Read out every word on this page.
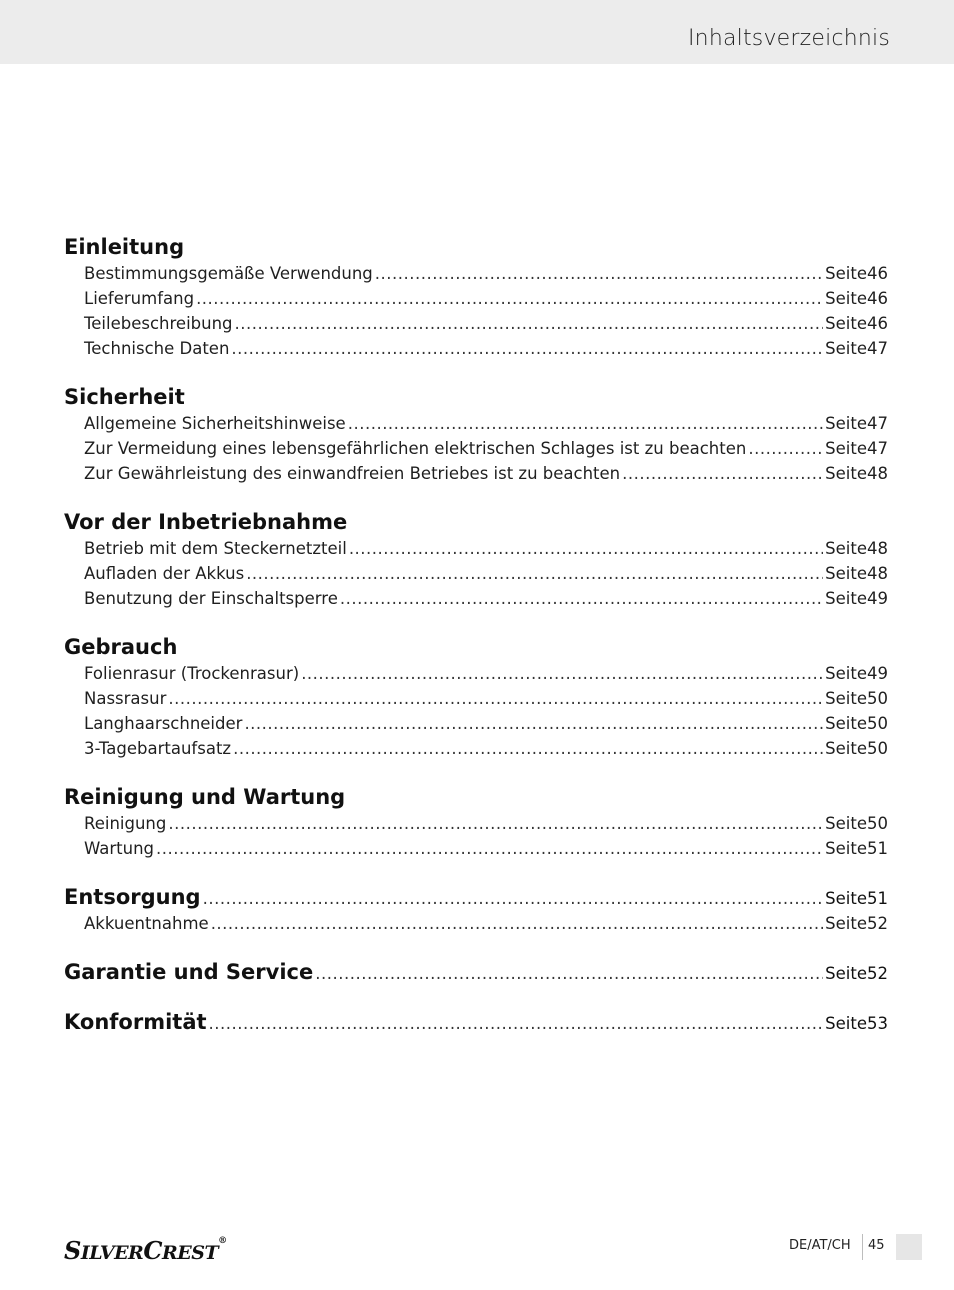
Inhaltsverzeichnis
Einleitung
Bestimmungsgemäße Verwendung .....	Seite 46
Lieferumfang .....	Seite 46
Teilebeschreibung .....	Seite 46
Technische Daten .....	Seite 47
Sicherheit
Allgemeine Sicherheitshinweise .....	Seite 47
Zur Vermeidung eines lebensgefährlichen elektrischen Schlages ist zu beachten .....	Seite 47
Zur Gewährleistung des einwandfreien Betriebes ist zu beachten .....	Seite 48
Vor der Inbetriebnahme
Betrieb mit dem Steckernetzteil .....	Seite 48
Aufladen der Akkus .....	Seite 48
Benutzung der Einschaltsperre .....	Seite 49
Gebrauch
Folienrasur (Trockenrasur) .....	Seite 49
Nassrasur .....	Seite 50
Langhaarschneider .....	Seite 50
3-Tagebartaufsatz .....	Seite 50
Reinigung und Wartung
Reinigung .....	Seite 50
Wartung .....	Seite 51
Entsorgung .....	Seite 51
Akkuentnahme .....	Seite 52
Garantie und Service .....	Seite 52
Konformität .....	Seite 53
SILVERCREST®	DE/AT/CH 45
